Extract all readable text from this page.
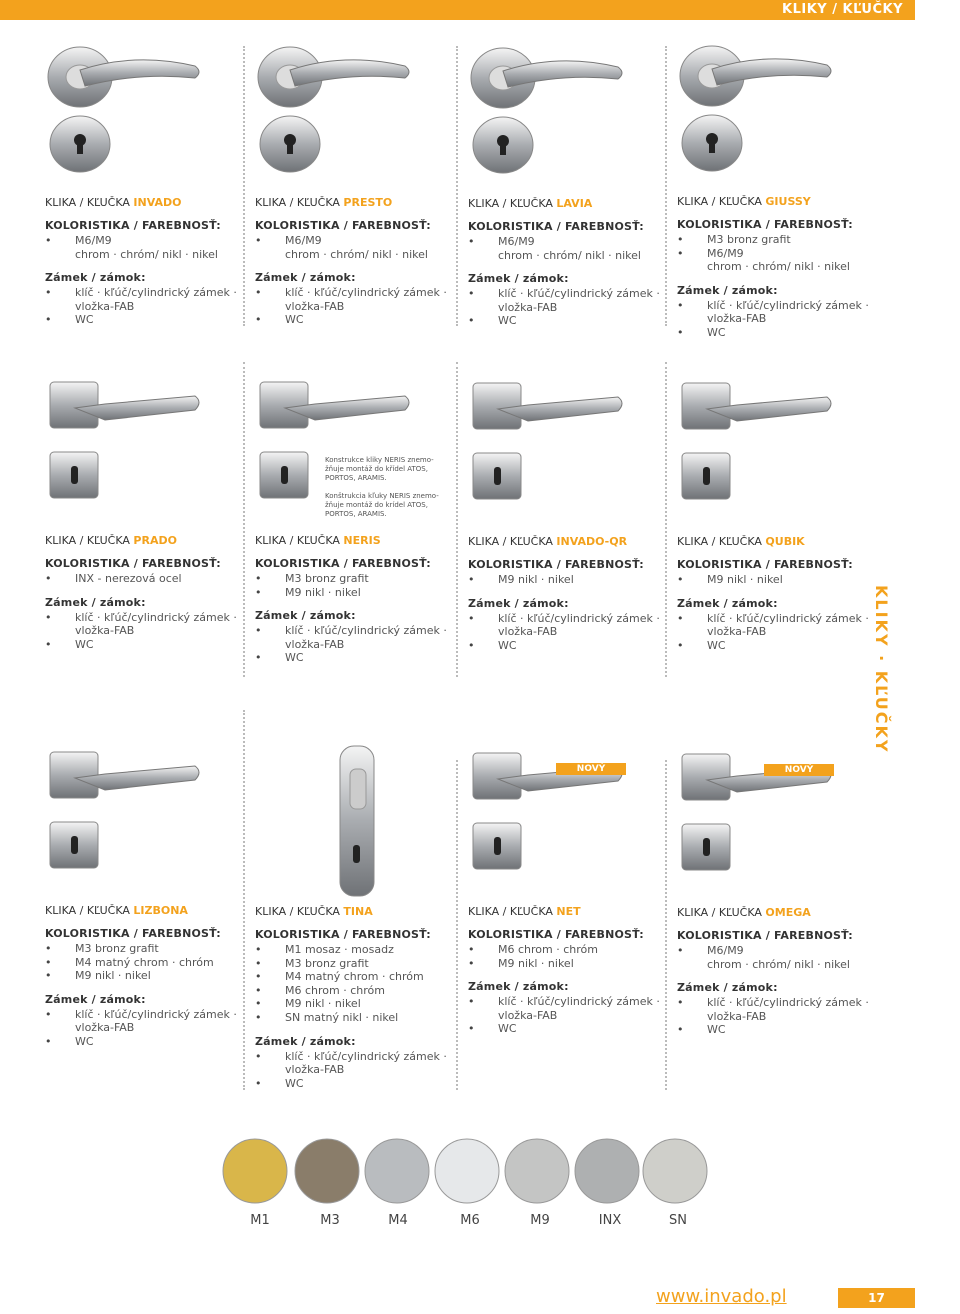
KLIKY / KĽUČKY
KLIKA / KĽUČKA INVADO
KOLORISTIKA / FAREBNOSŤ:
• M6/M9
chrom · chróm/ nikl · nikel
Zámek / zámok:
• klíč · kľúč/cylindrický zámek ·
vložka-FAB
• WC
KLIKA / KĽUČKA PRESTO
KOLORISTIKA / FAREBNOSŤ:
• M6/M9
chrom · chróm/ nikl · nikel
Zámek / zámok:
• klíč · kľúč/cylindrický zámek ·
vložka-FAB
• WC
KLIKA / KĽUČKA LAVIA
KOLORISTIKA / FAREBNOSŤ:
• M6/M9
chrom · chróm/ nikl · nikel
Zámek / zámok:
• klíč · kľúč/cylindrický zámek ·
vložka-FAB
• WC
KLIKA / KĽUČKA GIUSSY
KOLORISTIKA / FAREBNOSŤ:
• M3 bronz grafit
• M6/M9
chrom · chróm/ nikl · nikel
Zámek / zámok:
• klíč · kľúč/cylindrický zámek ·
vložka-FAB
• WC
KLIKA / KĽUČKA PRADO
KOLORISTIKA / FAREBNOSŤ:
• INX - nerezová ocel
Zámek / zámok:
• klíč · kľúč/cylindrický zámek ·
vložka-FAB
• WC
KLIKA / KĽUČKA NERIS
KOLORISTIKA / FAREBNOSŤ:
• M3 bronz grafit
• M9 nikl · nikel
Zámek / zámok:
• klíč · kľúč/cylindrický zámek ·
vložka-FAB
• WC
KLIKA / KĽUČKA INVADO-QR
KOLORISTIKA / FAREBNOSŤ:
• M9 nikl · nikel
Zámek / zámok:
• klíč · kľúč/cylindrický zámek ·
vložka-FAB
• WC
KLIKA / KĽUČKA QUBIK
KOLORISTIKA / FAREBNOSŤ:
• M9 nikl · nikel
Zámek / zámok:
• klíč · kľúč/cylindrický zámek ·
vložka-FAB
• WC
KLIKA / KĽUČKA LIZBONA
KOLORISTIKA / FAREBNOSŤ:
• M3 bronz grafit
• M4 matný chrom · chróm
• M9 nikl · nikel
Zámek / zámok:
• klíč · kľúč/cylindrický zámek ·
vložka-FAB
• WC
KLIKA / KĽUČKA TINA
KOLORISTIKA / FAREBNOSŤ:
• M1 mosaz · mosadz
• M3 bronz grafit
• M4 matný chrom · chróm
• M6 chrom · chróm
• M9 nikl · nikel
• SN matný nikl · nikel
Zámek / zámok:
• klíč · kľúč/cylindrický zámek ·
vložka-FAB
• WC
KLIKA / KĽUČKA NET
KOLORISTIKA / FAREBNOSŤ:
• M6 chrom · chróm
• M9 nikl · nikel
Zámek / zámok:
• klíč · kľúč/cylindrický zámek ·
vložka-FAB
• WC
KLIKA / KĽUČKA OMEGA
KOLORISTIKA / FAREBNOSŤ:
• M6/M9
chrom · chróm/ nikl · nikel
Zámek / zámok:
• klíč · kľúč/cylindrický zámek ·
vložka-FAB
• WC
Konstrukce kliky NERIS znemo-
žňuje montáž do křídel ATOS,
PORTOS, ARAMIS.
Konštrukcia kľuky NERIS znemo-
žňuje montáž do krídel ATOS,
PORTOS, ARAMIS.
NOVÝ	NOVÝ
KLIKY · KĽUČKY
M1	M3	M4	M6	M9	INX	SN
www.invado.pl	17
